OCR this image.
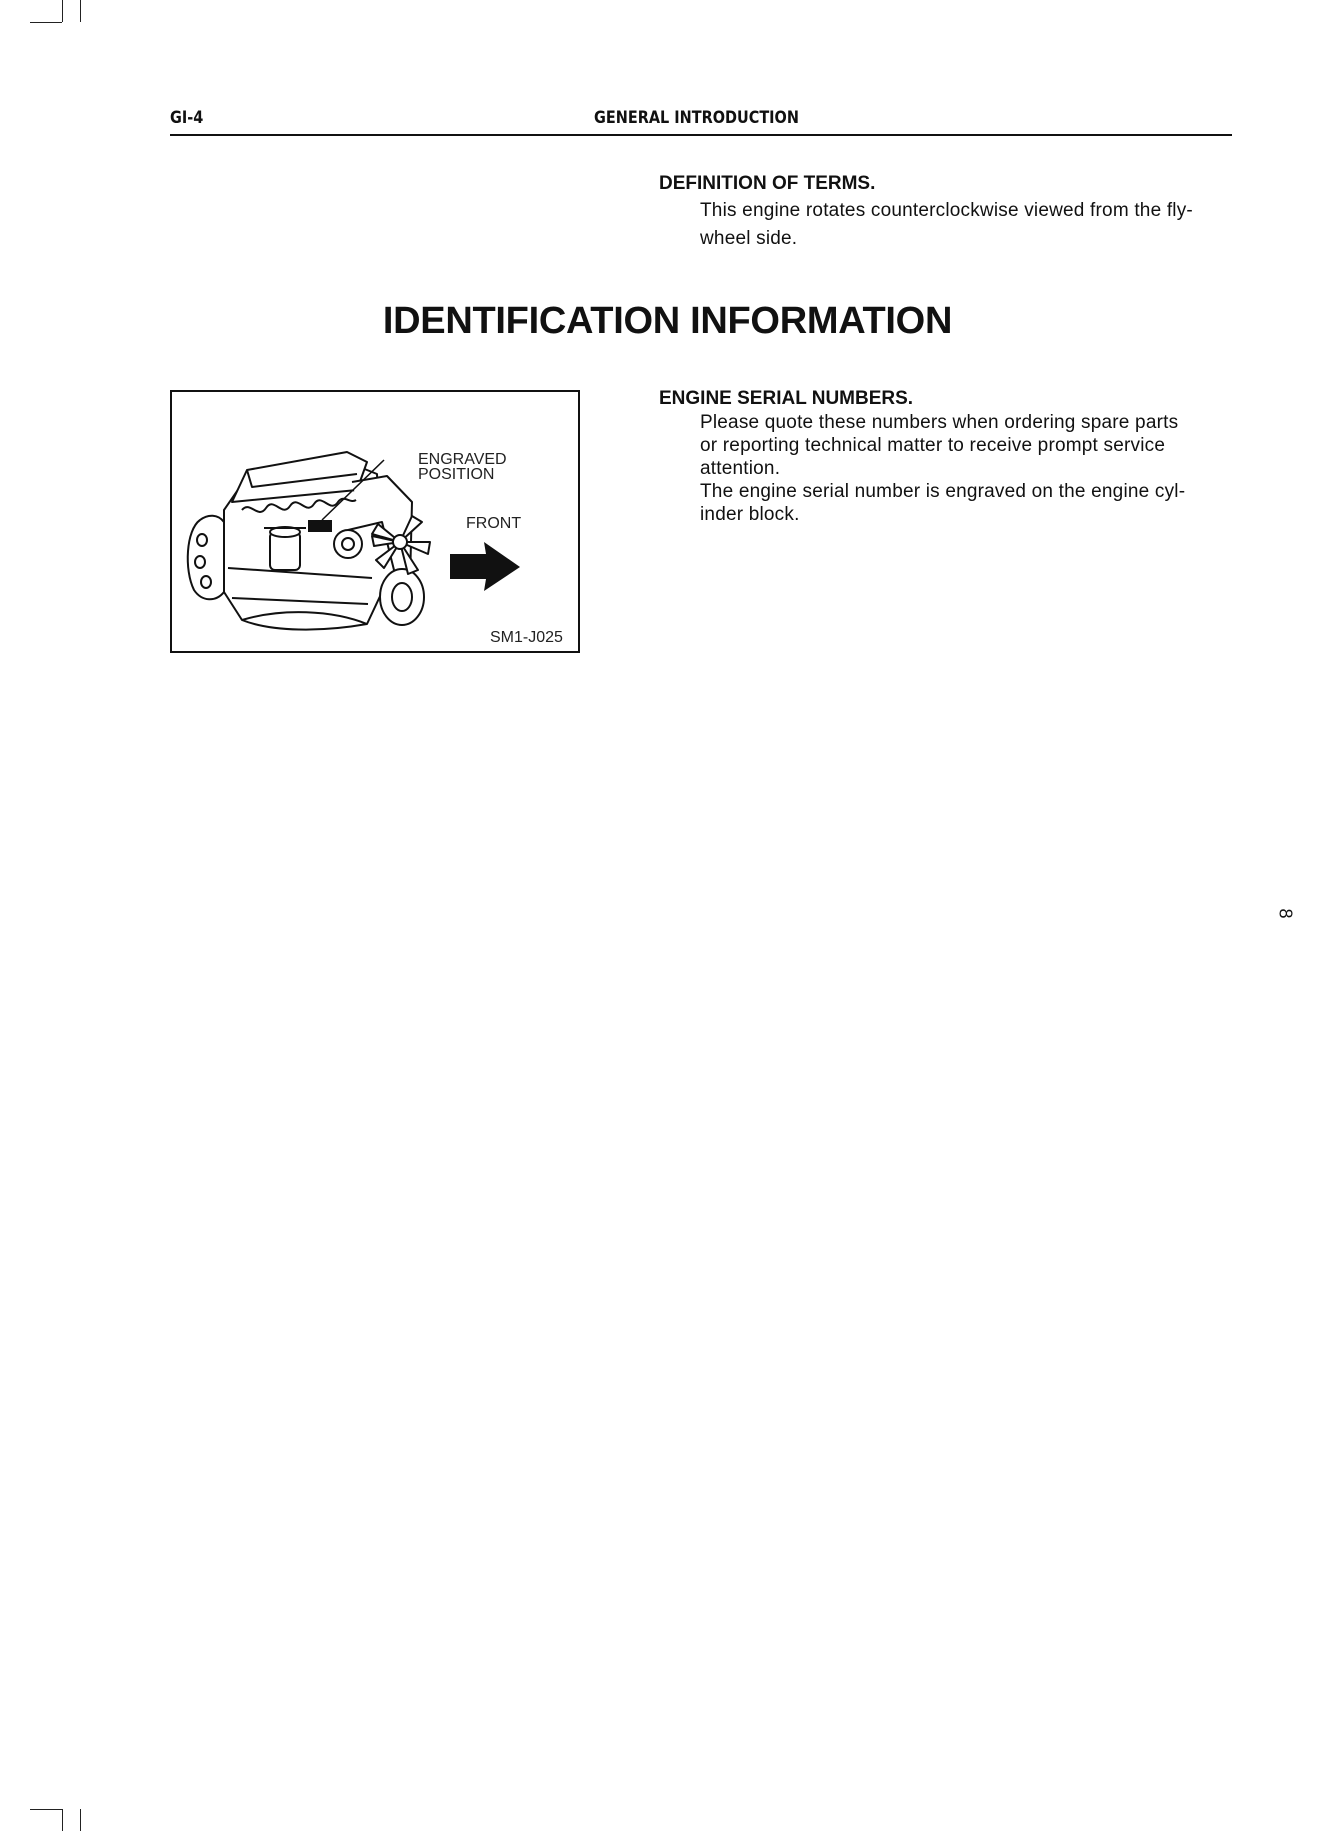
GI-4	GENERAL INTRODUCTION
DEFINITION OF TERMS.

This engine rotates counterclockwise viewed from the fly-

wheel side.

IDENTIFICATION INFORMATION
ENGRAVED
POSITION
FRONT
SM1-J025
ENGINE SERIAL NUMBERS.

Please quote these numbers when ordering spare parts

or reporting technical matter to receive prompt service

attention.

The engine serial number is engraved on the engine cyl-

inder block.

8
